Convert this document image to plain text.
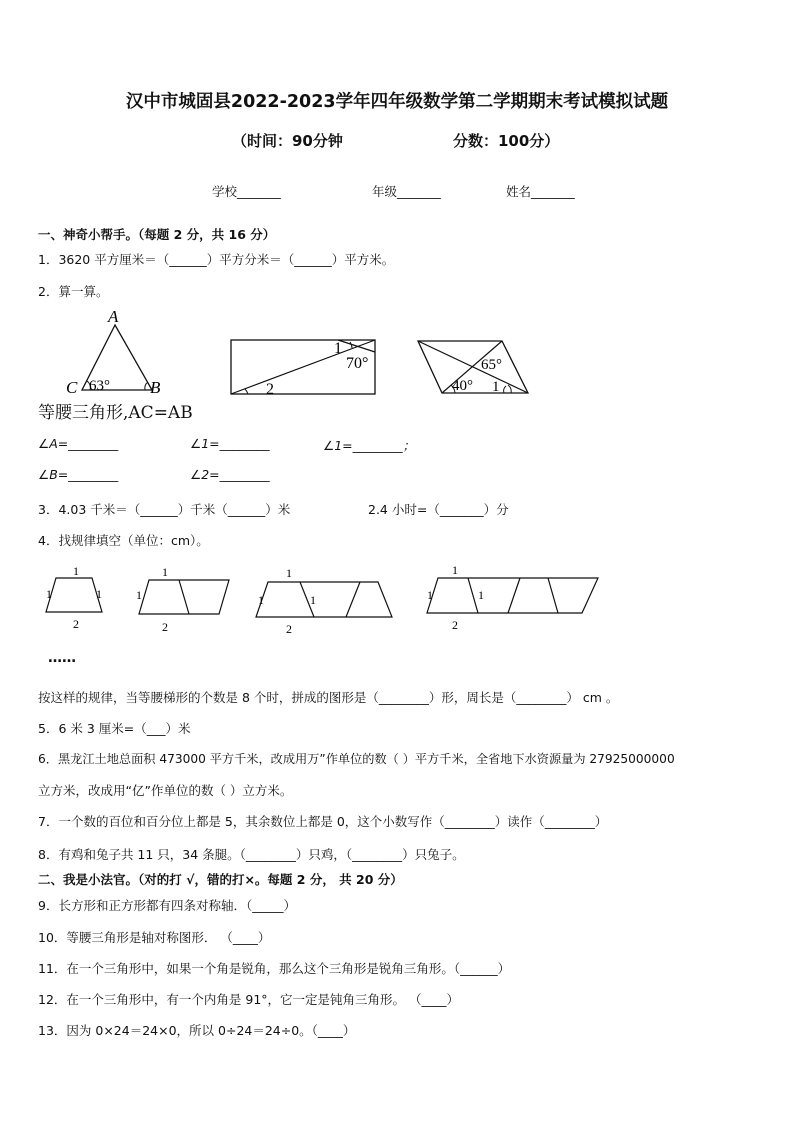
汉中市城固县2022-2023学年四年级数学第二学期期末考试模拟试题
（时间：90分钟	分数：100分）
学校_______	年级_______	姓名_______
一、神奇小帮手。（每题 2 分，共 16 分）
1．3620 平方厘米＝（______）平方分米＝（______）平方米。
2．算一算。
A
C	B
63°
等腰三角形,AC=AB
1
70°
2
65°
40° 1
∠A=________	∠1=________	∠1=________；
∠B=________	∠2=________
3．4.03 千米＝（______）千米（______）米	2.4 小时=（_______）分
4．找规律填空（单位：cm）。
1
1	1
2
1
1
2
1
1	1
2
1
1	1
2
……
按这样的规律，当等腰梯形的个数是 8 个时，拼成的图形是（________）形，周长是（________） cm 。
5．6 米 3 厘米=（___）米
6．黑龙江土地总面积 473000 平方千米，改成用万”作单位的数（ ）平方千米，全省地下水资源量为 27925000000
立方米，改成用“亿”作单位的数（ ）立方米。
7．一个数的百位和百分位上都是 5，其余数位上都是 0，这个小数写作（________）读作（________）
8．有鸡和兔子共 11 只，34 条腿。（________）只鸡，（________）只兔子。
二、我是小法官。（对的打 √，错的打×。每题 2 分， 共 20 分）
9．长方形和正方形都有四条对称轴．（_____）
10．等腰三角形是轴对称图形． （____）
11．在一个三角形中，如果一个角是锐角，那么这个三角形是锐角三角形。（______）
12．在一个三角形中，有一个内角是 91°，它一定是钝角三角形。 （____）
13．因为 0×24＝24×0，所以 0÷24＝24÷0。（____）
